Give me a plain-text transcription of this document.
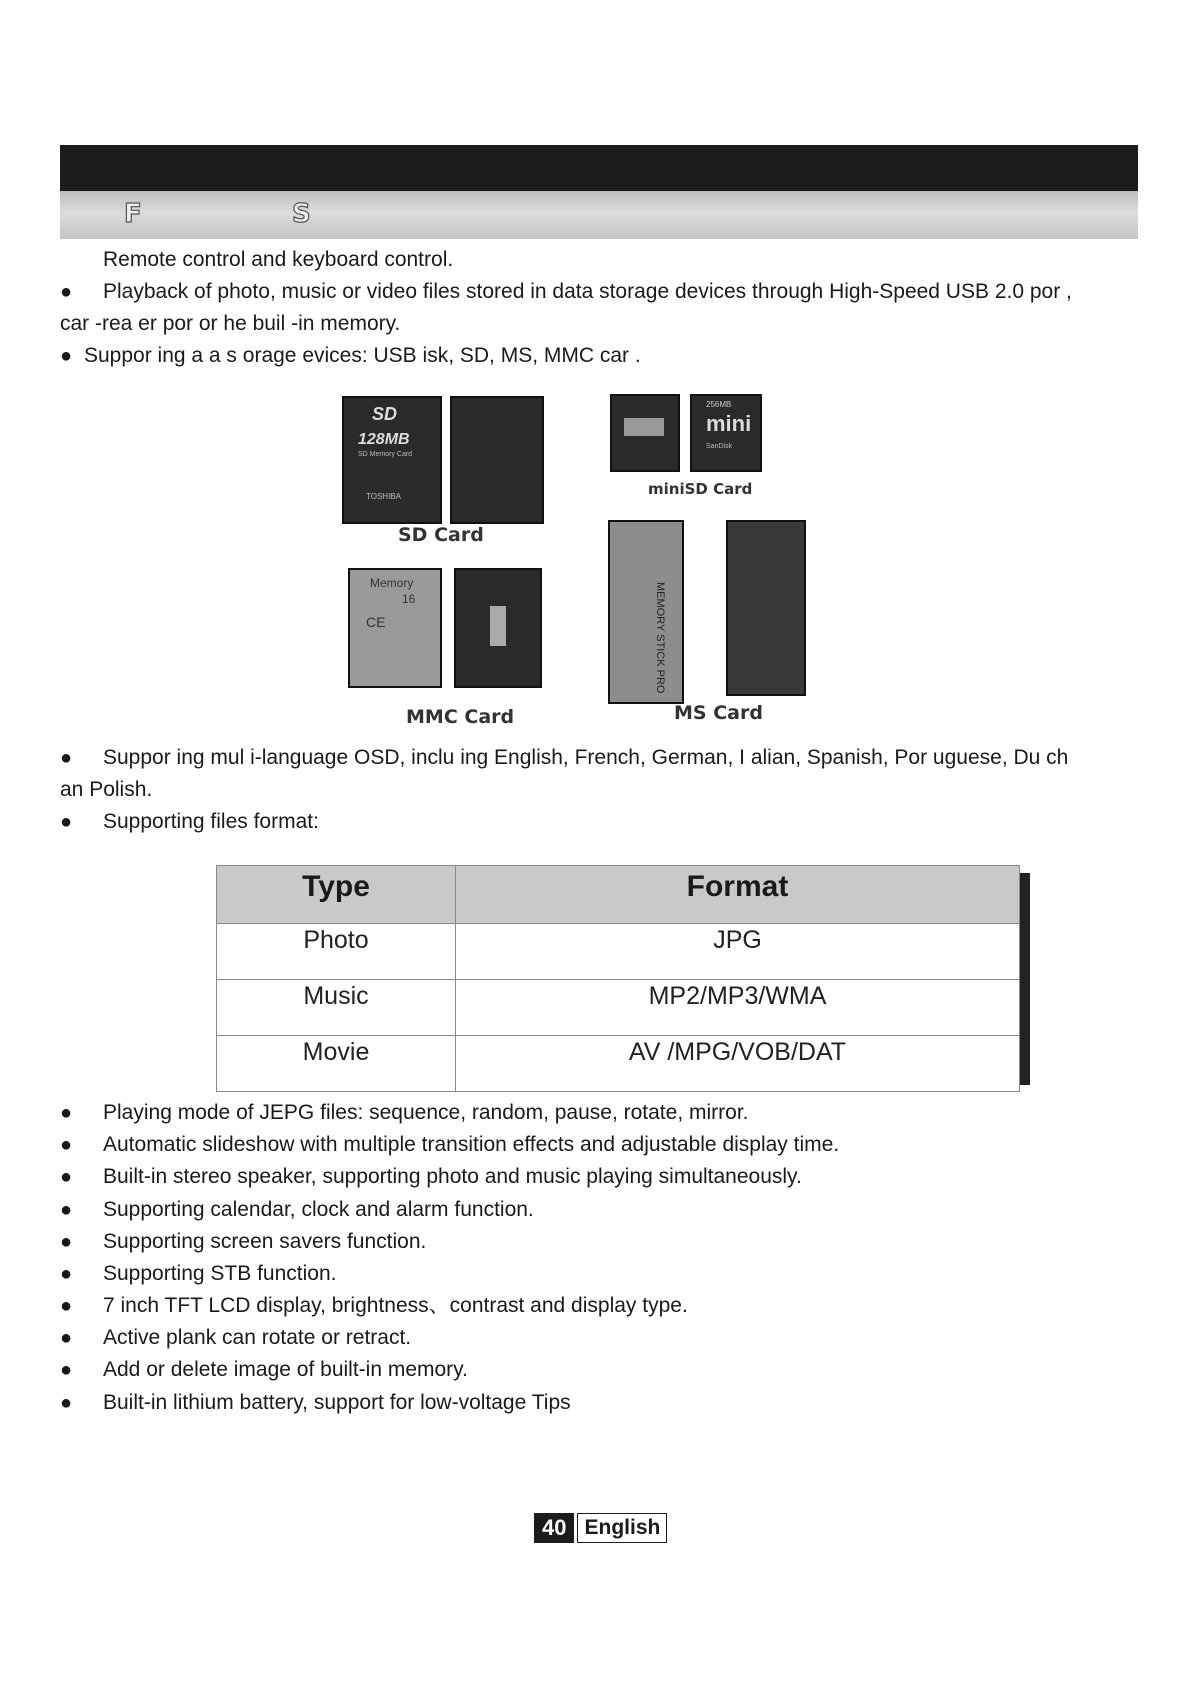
F	S
Remote control and keyboard control.
● Playback of photo, music or video files stored in data storage devices through High-Speed USB 2.0 por ,
car -rea er por or he buil -in memory.
● Suppor ing a a s orage evices: USB isk, SD, MS, MMC car .
SD
128MB
SD Memory Card
TOSHIBA
SD Card
256MB
mini
SanDisk
miniSD Card
Memory
16
CE
MMC Card
MEMORY STICK PRO
MS Card
● Suppor ing mul i-language OSD, inclu ing English, French, German, I alian, Spanish, Por uguese, Du ch
an Polish.
● Supporting files format:
Type	Format
Photo	JPG
Music	MP2/MP3/WMA
Movie	AV /MPG/VOB/DAT
● Playing mode of JEPG files: sequence, random, pause, rotate, mirror.
● Automatic slideshow with multiple transition effects and adjustable display time.
● Built-in stereo speaker, supporting photo and music playing simultaneously.
● Supporting calendar, clock and alarm function.
● Supporting screen savers function.
● Supporting STB function.
● 7 inch TFT LCD display, brightness、contrast and display type.
● Active plank can rotate or retract.
● Add or delete image of built-in memory.
● Built-in lithium battery, support for low-voltage Tips
40 English
